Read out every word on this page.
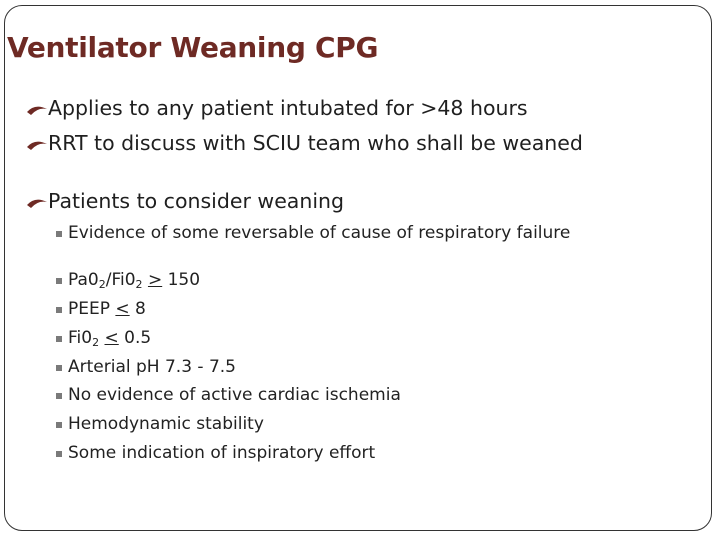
Ventilator Weaning CPG
Applies to any patient intubated for >48 hours
RRT to discuss with SCIU team who shall be weaned
Patients to consider weaning
Evidence of some reversable of cause of respiratory failure
$Pa0_2/Fi0_2 > 150$
PEEP < 8
$Fi0_2 < 0.5$
Arterial pH 7.3 - 7.5
No evidence of active cardiac ischemia
Hemodynamic stability
Some indication of inspiratory effort
